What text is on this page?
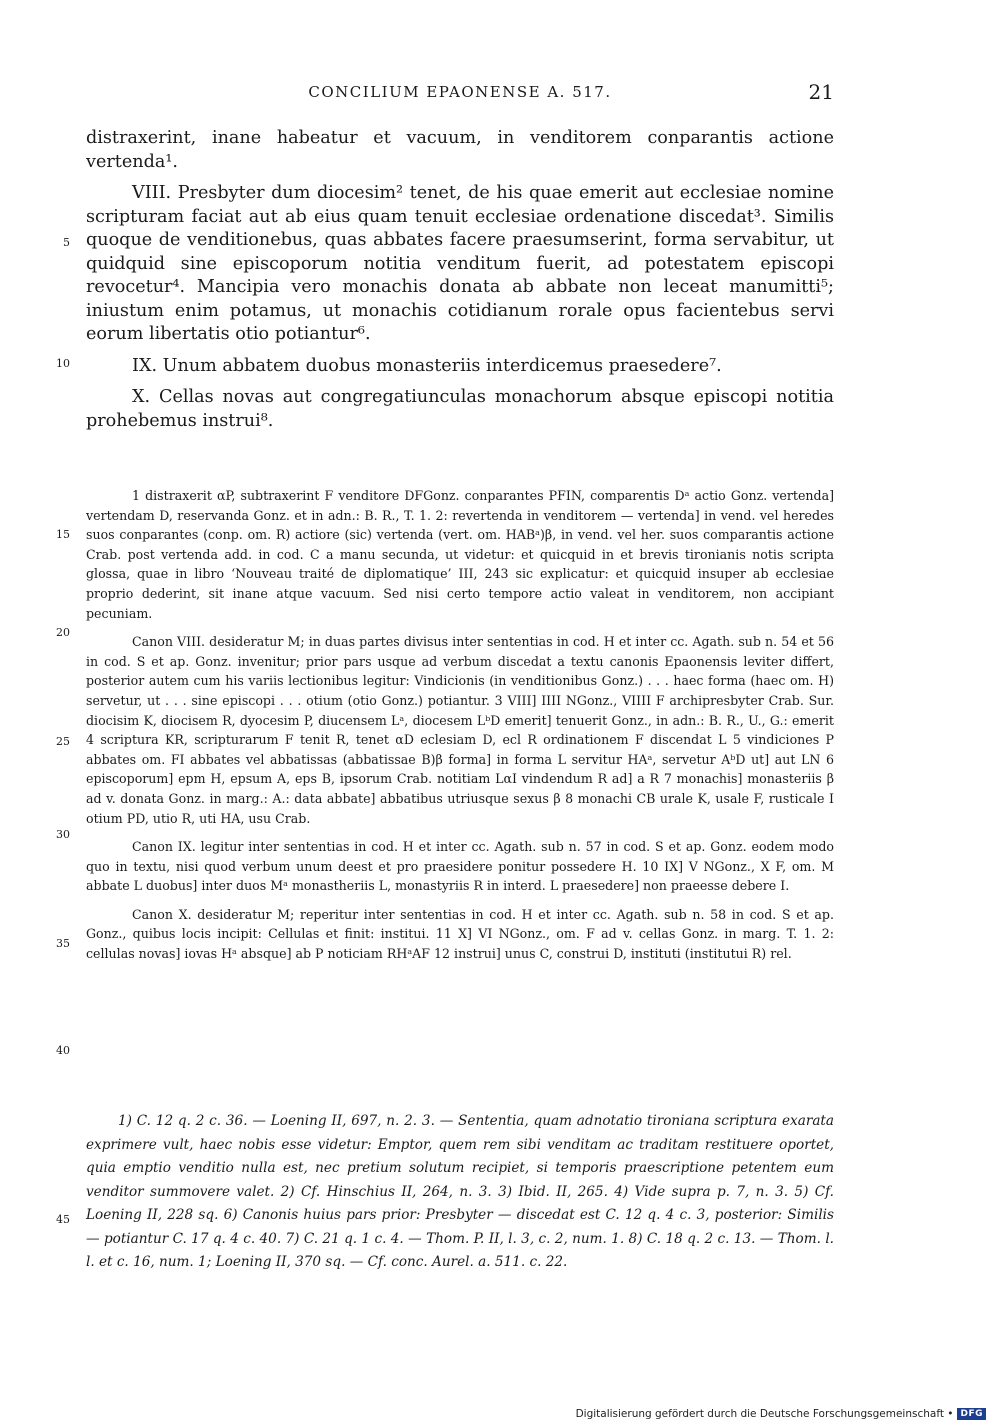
CONCILIUM EPAONENSE A. 517.	21
5
10
15
20
25
30
35
40
45

distraxerint, inane habeatur et vacuum, in venditorem conparantis actione vertenda¹.

VIII. Presbyter dum diocesim² tenet, de his quae emerit aut ecclesiae nomine scripturam faciat aut ab eius quam tenuit ecclesiae ordenatione discedat³. Similis quoque de venditionebus, quas abbates facere praesumserint, forma servabitur, ut quidquid sine episcoporum notitia venditum fuerit, ad potestatem episcopi revocetur⁴. Mancipia vero monachis donata ab abbate non leceat manumitti⁵; iniustum enim potamus, ut monachis cotidianum rorale opus facientebus servi eorum libertatis otio potiantur⁶.

IX. Unum abbatem duobus monasteriis interdicemus praesedere⁷.

X. Cellas novas aut congregatiunculas monachorum absque episcopi notitia prohebemus instrui⁸.

1 distraxerit αP, subtraxerint F venditore DFGonz. conparantes PFIN, comparentis Dᵃ actio Gonz. vertenda] vertendam D, reservanda Gonz. et in adn.: B. R., T. 1. 2: revertenda in venditorem — vertenda] in vend. vel heredes suos conparantes (conp. om. R) actiore (sic) vertenda (vert. om. HABᵃ)β, in vend. vel her. suos comparantis actione Crab. post vertenda add. in cod. C a manu secunda, ut videtur: et quicquid in et brevis tironianis notis scripta glossa, quae in libro ‘Nouveau traité de diplomatique’ III, 243 sic explicatur: et quicquid insuper ab ecclesiae proprio dederint, sit inane atque vacuum. Sed nisi certo tempore actio valeat in venditorem, non accipiant pecuniam.

Canon VIII. desideratur M; in duas partes divisus inter sententias in cod. H et inter cc. Agath. sub n. 54 et 56 in cod. S et ap. Gonz. invenitur; prior pars usque ad verbum discedat a textu canonis Epaonensis leviter differt, posterior autem cum his variis lectionibus legitur: Vindicionis (in venditionibus Gonz.) . . . haec forma (haec om. H) servetur, ut . . . sine episcopi . . . otium (otio Gonz.) potiantur. 3 VIII] IIII NGonz., VIIII F archipresbyter Crab. Sur. diocisim K, diocisem R, dyocesim P, diucensem Lᵃ, diocesem LᵇD emerit] tenuerit Gonz., in adn.: B. R., U., G.: emerit 4 scriptura KR, scripturarum F tenit R, tenet αD eclesiam D, ecl R ordinationem F discendat L 5 vindiciones P abbates om. FI abbates vel abbatissas (abbatissae B)β forma] in forma L servitur HAᵃ, servetur AᵇD ut] aut LN 6 episcoporum] epm H, epsum A, eps B, ipsorum Crab. notitiam LαI vindendum R ad] a R 7 monachis] monasteriis β ad v. donata Gonz. in marg.: A.: data abbate] abbatibus utriusque sexus β 8 monachi CB urale K, usale F, rusticale I otium PD, utio R, uti HA, usu Crab.

Canon IX. legitur inter sententias in cod. H et inter cc. Agath. sub n. 57 in cod. S et ap. Gonz. eodem modo quo in textu, nisi quod verbum unum deest et pro praesidere ponitur possedere H. 10 IX] V NGonz., X F, om. M abbate L duobus] inter duos Mᵃ monastheriis L, monastyriis R in interd. L praesedere] non praeesse debere I.

Canon X. desideratur M; reperitur inter sententias in cod. H et inter cc. Agath. sub n. 58 in cod. S et ap. Gonz., quibus locis incipit: Cellulas et finit: institui. 11 X] VI NGonz., om. F ad v. cellas Gonz. in marg. T. 1. 2: cellulas novas] iovas Hᵃ absque] ab P noticiam RHᵃAF 12 instrui] unus C, construi D, instituti (institutui R) rel.

1) C. 12 q. 2 c. 36. — Loening II, 697, n. 2. 3. — Sententia, quam adnotatio tironiana scriptura exarata exprimere vult, haec nobis esse videtur: Emptor, quem rem sibi venditam ac traditam restituere oportet, quia emptio venditio nulla est, nec pretium solutum recipiet, si temporis praescriptione petentem eum venditor summovere valet. 2) Cf. Hinschius II, 264, n. 3. 3) Ibid. II, 265. 4) Vide supra p. 7, n. 3. 5) Cf. Loening II, 228 sq. 6) Canonis huius pars prior: Presbyter — discedat est C. 12 q. 4 c. 3, posterior: Similis — potiantur C. 17 q. 4 c. 40. 7) C. 21 q. 1 c. 4. — Thom. P. II, l. 3, c. 2, num. 1. 8) C. 18 q. 2 c. 13. — Thom. l. l. et c. 16, num. 1; Loening II, 370 sq. — Cf. conc. Aurel. a. 511. c. 22.

Digitalisierung gefördert durch die Deutsche Forschungsgemeinschaft • DFG
